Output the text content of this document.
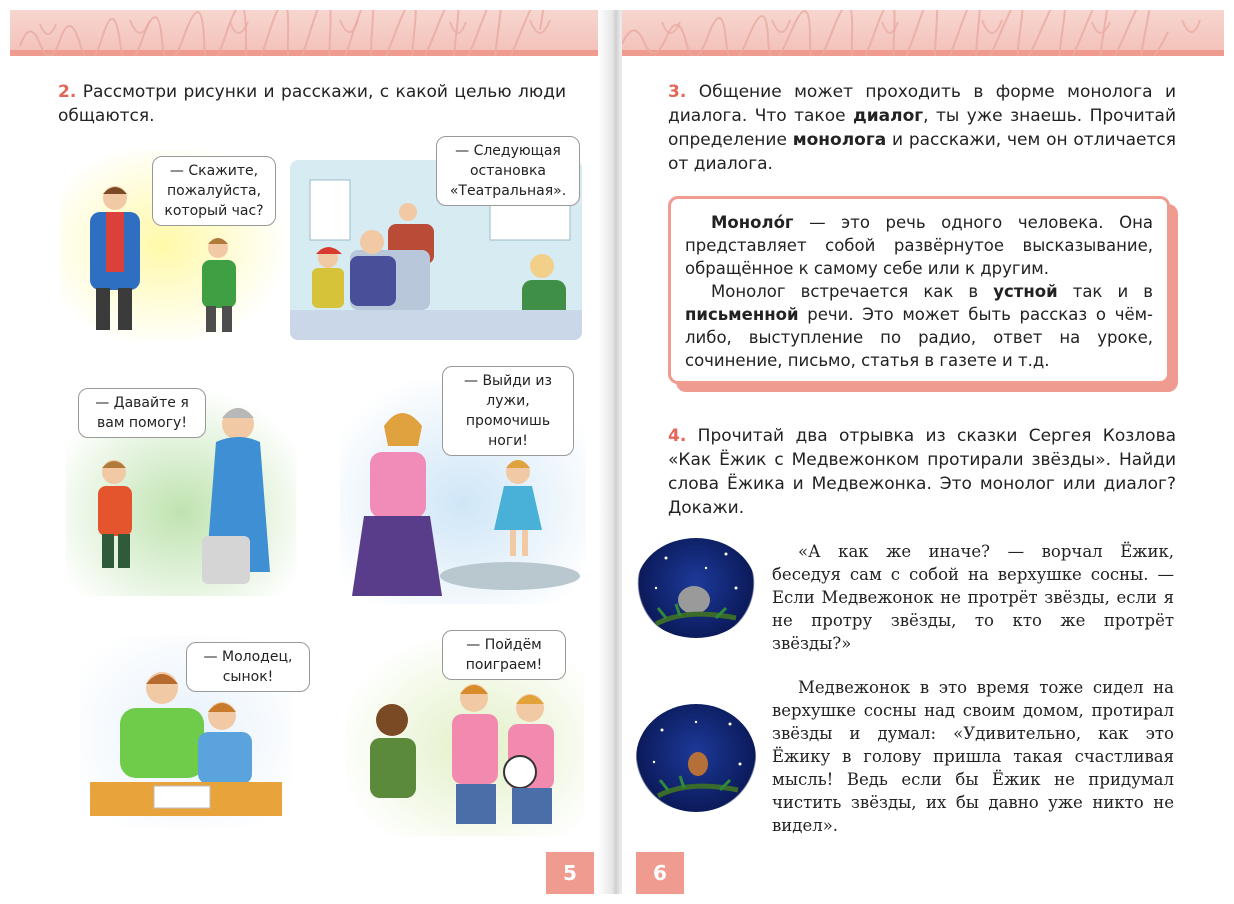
2. Рассмотри рисунки и расскажи, с какой целью люди общаются.
— Скажите, пожалуйста, который час?
— Следующая остановка «Театральная».
— Давайте я вам помогу!
— Выйди из лужи, промочишь ноги!
— Молодец, сынок!
— Пойдём поиграем!
5
3. Общение может проходить в форме монолога и диалога. Что такое диалог, ты уже знаешь. Прочитай определение монолога и расскажи, чем он отличается от диалога.

Моноло́г — это речь одного человека. Она представляет собой развёрнутое высказывание, обращённое к самому себе или к другим.

Монолог встречается как в устной так и в письменной речи. Это может быть рассказ о чём-либо, выступление по радио, ответ на уроке, сочинение, письмо, статья в газете и т.д.

4. Прочитай два отрывка из сказки Сергея Козлова «Как Ёжик с Медвежонком протирали звёзды». Найди слова Ёжика и Медвежонка. Это монолог или диалог? Докажи.
«А как же иначе? — ворчал Ёжик, беседуя сам с собой на верхушке сосны. — Если Медвежонок не протрёт звёзды, если я не протру звёзды, то кто же протрёт звёзды?»
Медвежонок в это время тоже сидел на верхушке сосны над своим домом, протирал звёзды и думал: «Удивительно, как это Ёжику в голову пришла такая счастливая мысль! Ведь если бы Ёжик не придумал чистить звёзды, их бы давно уже никто не видел».
6
